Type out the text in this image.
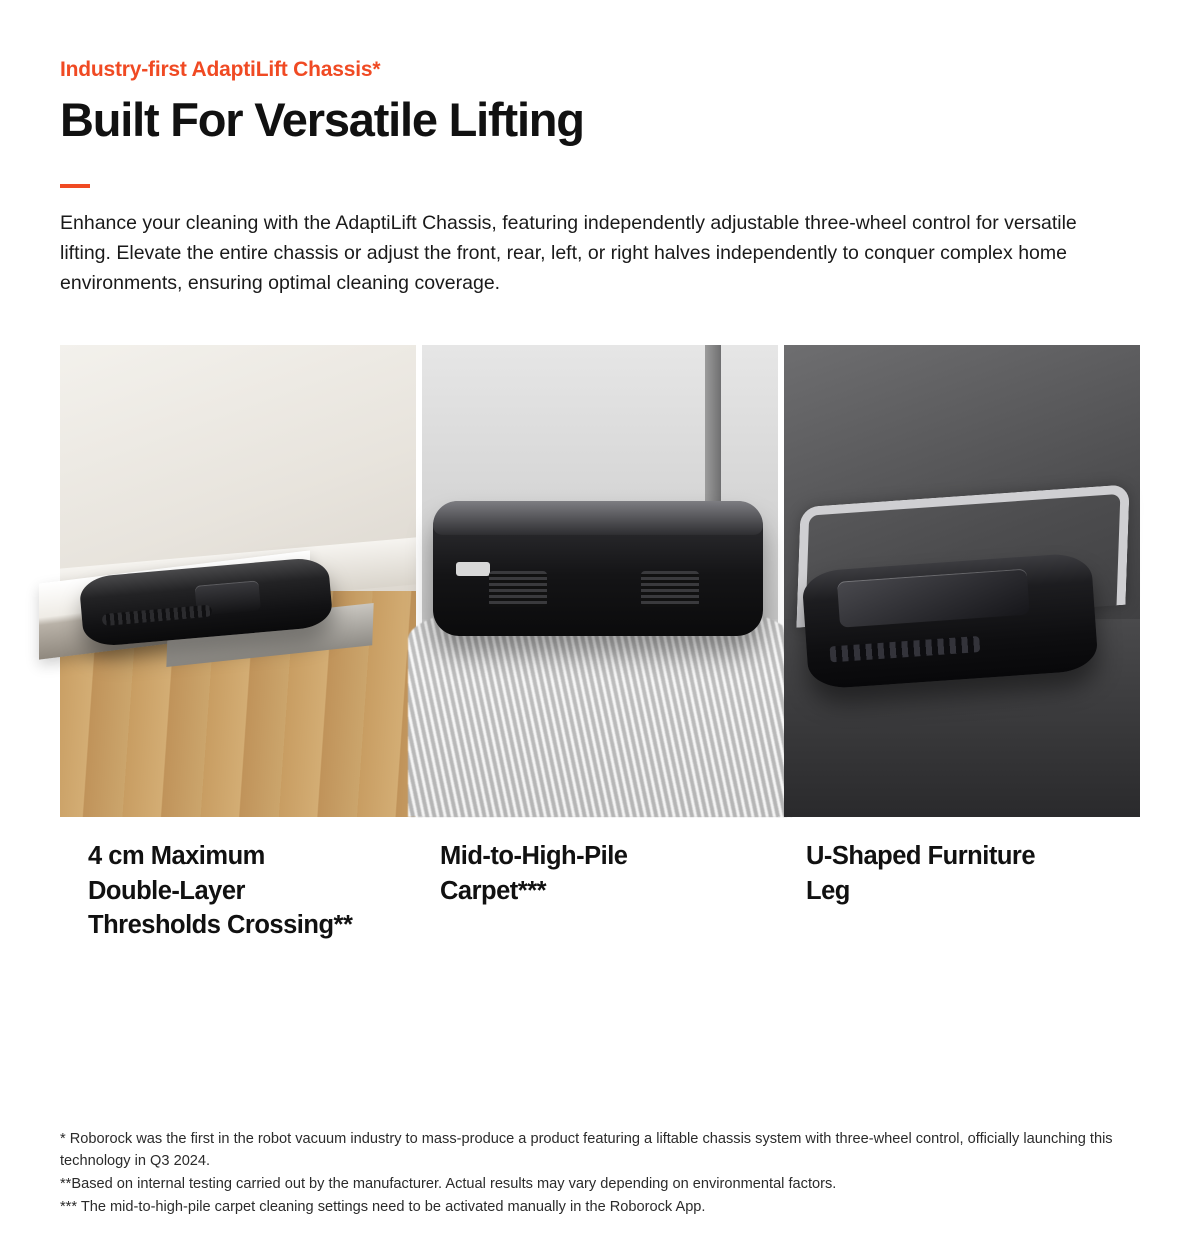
Industry-first AdaptiLift Chassis*
Built For Versatile Lifting

Enhance your cleaning with the AdaptiLift Chassis, featuring independently adjustable three-wheel control for versatile lifting. Elevate the entire chassis or adjust the front, rear, left, or right halves independently to conquer complex home environments, ensuring optimal cleaning coverage.

4 cm Maximum Double-Layer Thresholds Crossing**
Mid-to-High-Pile Carpet***
U-Shaped Furniture Leg

* Roborock was the first in the robot vacuum industry to mass-produce a product featuring a liftable chassis system with three-wheel control, officially launching this technology in Q3 2024.

**Based on internal testing carried out by the manufacturer. Actual results may vary depending on environmental factors.

*** The mid-to-high-pile carpet cleaning settings need to be activated manually in the Roborock App.
